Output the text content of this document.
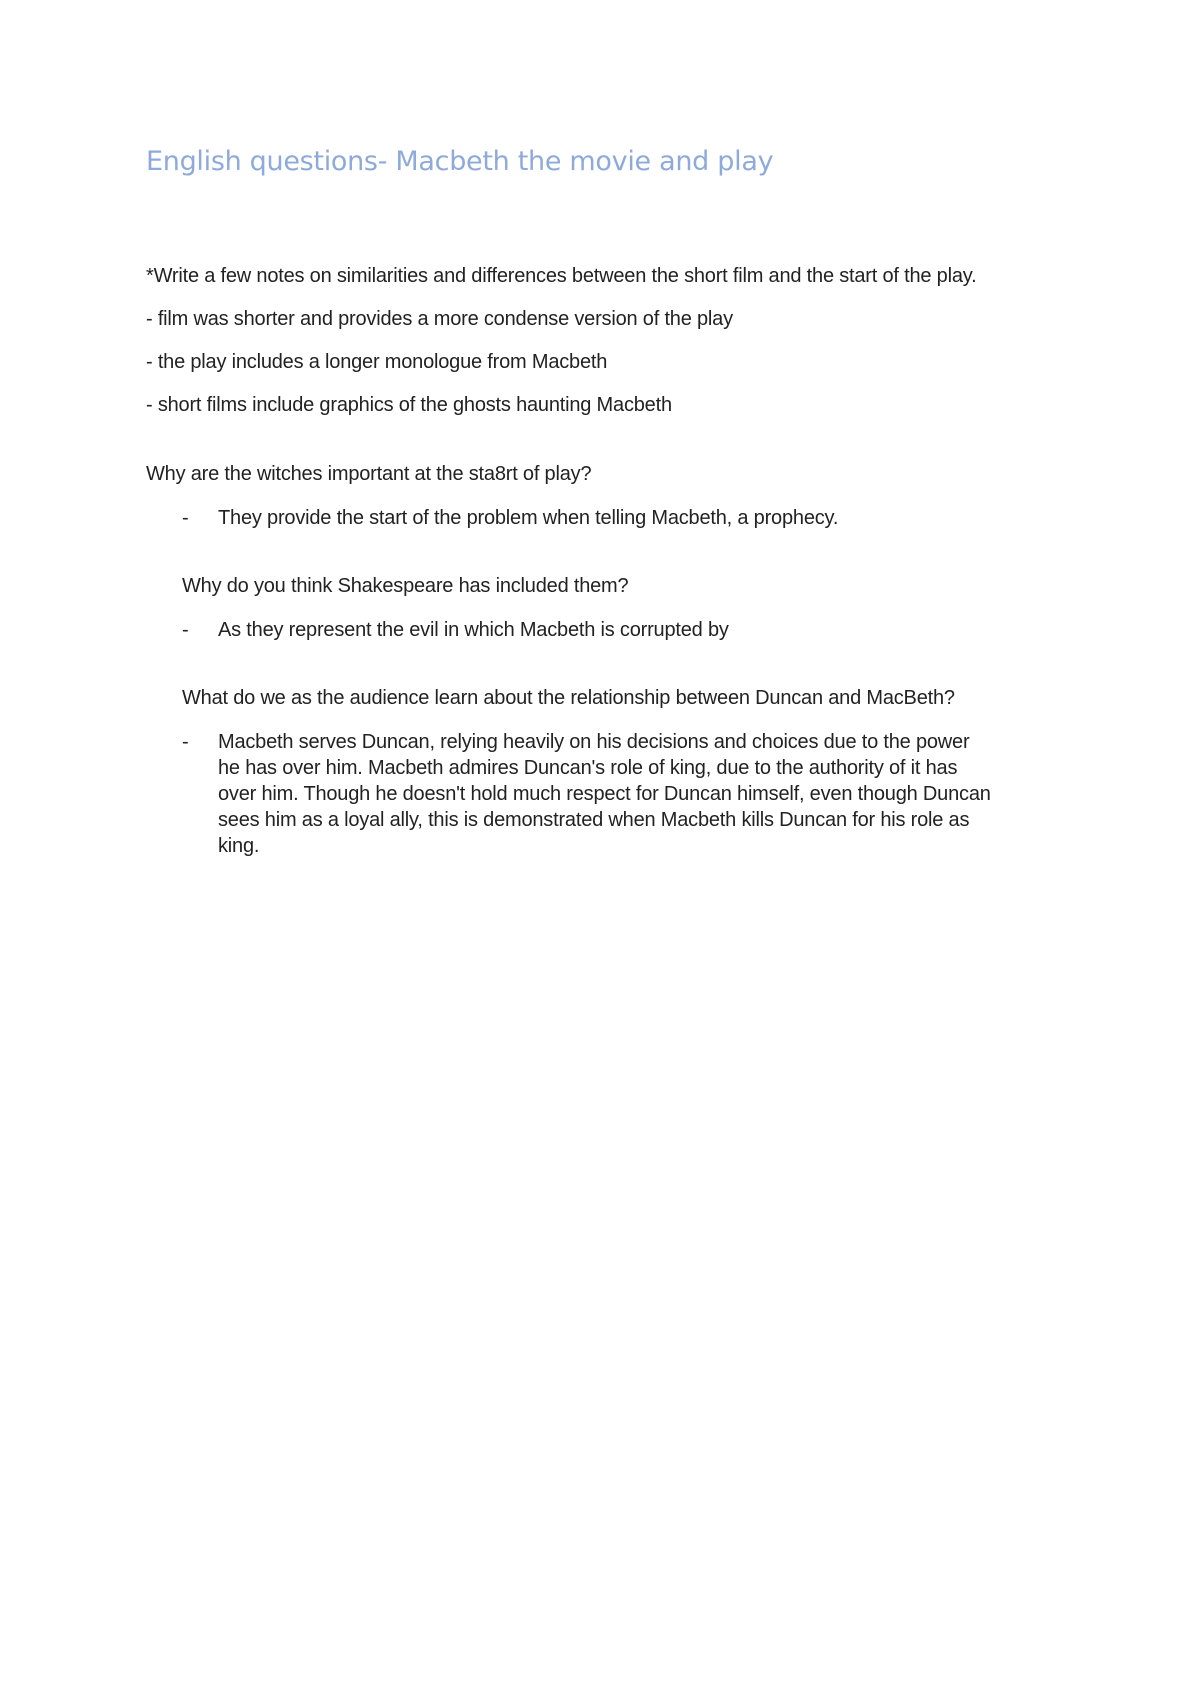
English questions- Macbeth the movie and play
*Write a few notes on similarities and differences between the short film and the start of the play.
- film was shorter and provides a more condense version of the play
- the play includes a longer monologue from Macbeth
- short films include graphics of the ghosts haunting Macbeth
Why are the witches important at the sta8rt of play?
- They provide the start of the problem when telling Macbeth, a prophecy.
Why do you think Shakespeare has included them?
- As they represent the evil in which Macbeth is corrupted by
What do we as the audience learn about the relationship between Duncan and MacBeth?
- Macbeth serves Duncan, relying heavily on his decisions and choices due to the power
he has over him. Macbeth admires Duncan's role of king, due to the authority of it has
over him. Though he doesn't hold much respect for Duncan himself, even though Duncan
sees him as a loyal ally, this is demonstrated when Macbeth kills Duncan for his role as
king.
